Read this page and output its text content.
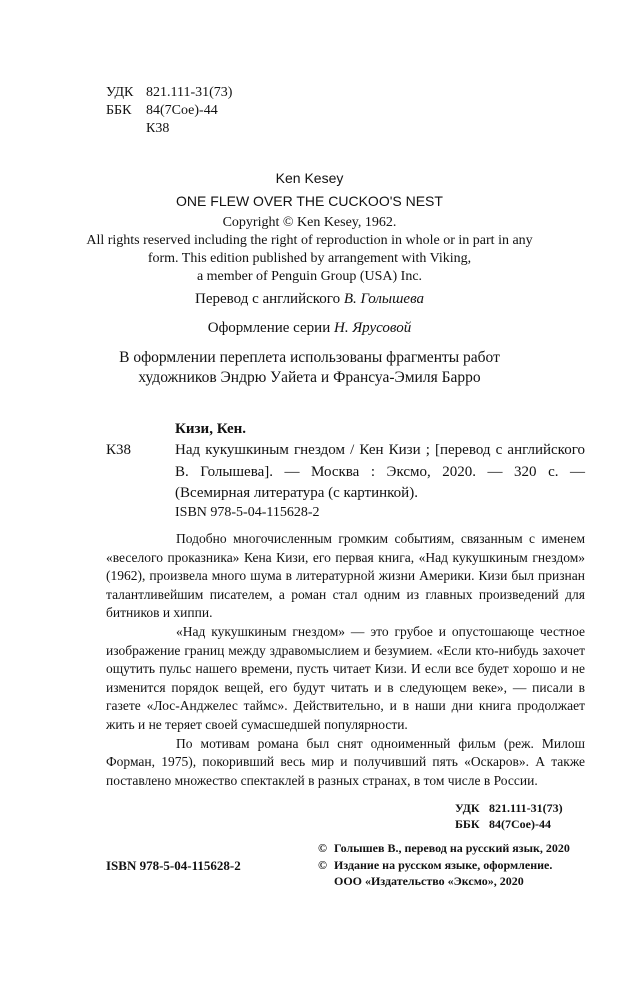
УДК 821.111-31(73)
ББК	84(7Сое)-44
К38
Ken Kesey
ONE FLEW OVER THE CUCKOO'S NEST
Copyright © Ken Kesey, 1962.
All rights reserved including the right of reproduction in whole or in part in any
form. This edition published by arrangement with Viking,
a member of Penguin Group (USA) Inc.
Перевод с английского В. Голышева
Оформление серии Н. Ярусовой
В оформлении переплета использованы фрагменты работ
художников Эндрю Уайета и Франсуа-Эмиля Барро
Кизи, Кен.
К38	Над кукушкиным гнездом / Кен Кизи ; [перевод с английского В. Голышева]. — Москва : Эксмо, 2020. — 320 с. — (Всемирная литература (с картинкой).
ISBN 978-5-04-115628-2

Подобно многочисленным громким событиям, связанным с именем «веселого проказника» Кена Кизи, его первая книга, «Над кукушкиным гнездом» (1962), произвела много шума в литературной жизни Америки. Кизи был признан талантливейшим писателем, а роман стал одним из главных произведений для битников и хиппи.

«Над кукушкиным гнездом» — это грубое и опустошающе честное изображение границ между здравомыслием и безумием. «Если кто-нибудь захочет ощутить пульс нашего времени, пусть читает Кизи. И если все будет хорошо и не изменится порядок вещей, его будут читать и в следующем веке», — писали в газете «Лос-Анджелес таймс». Действительно, и в наши дни книга продолжает жить и не теряет своей сумасшедшей популярности.

По мотивам романа был снят одноименный фильм (реж. Милош Форман, 1975), покоривший весь мир и получивший пять «Оскаров». А также поставлено множество спектаклей в разных странах, в том числе в России.

УДК 821.111-31(73)
ББК 84(7Сое)-44
ISBN 978-5-04-115628-2
© Голышев В., перевод на русский язык, 2020
© Издание на русском языке, оформление.
ООО «Издательство «Эксмо», 2020
